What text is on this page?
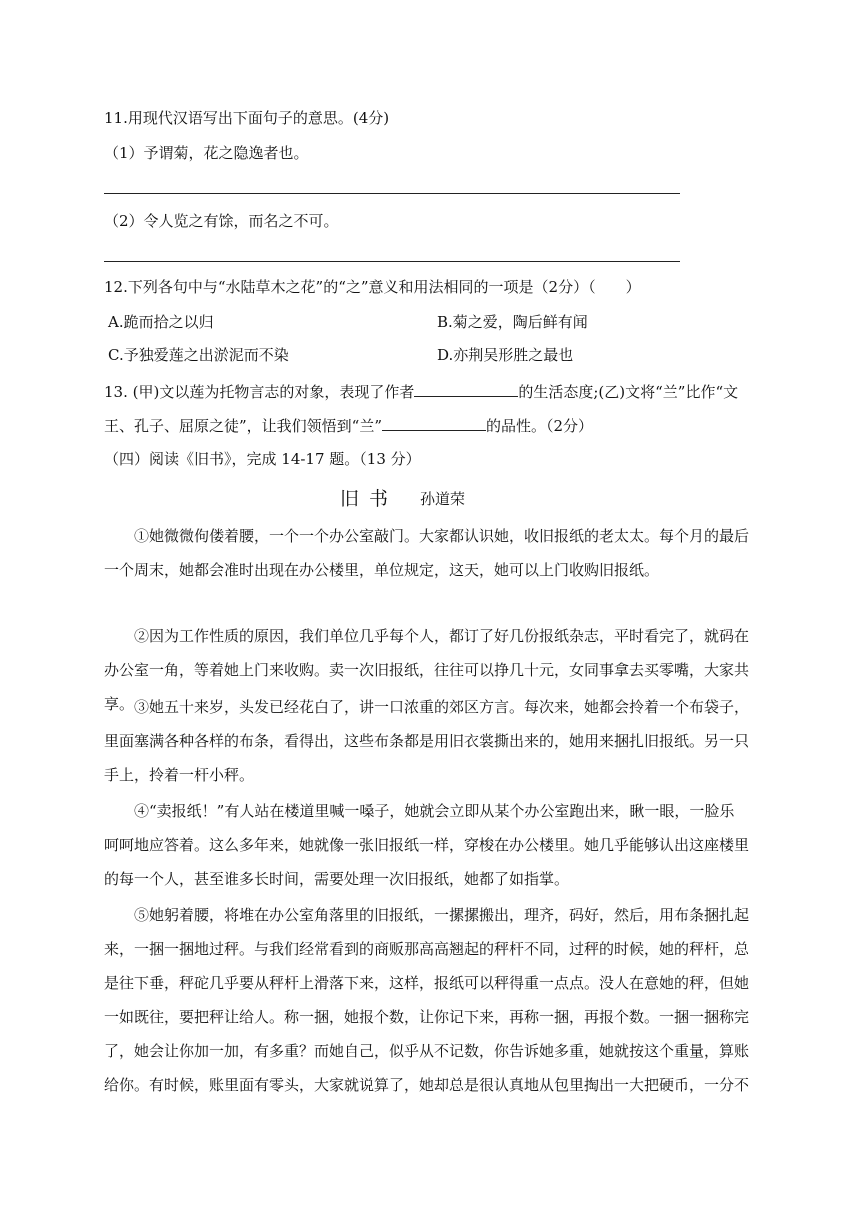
11.用现代汉语写出下面句子的意思。(4分)
（1）予谓菊，花之隐逸者也。
（2）令人览之有馀，而名之不可。
12.下列各句中与“水陆草木之花”的“之”意义和用法相同的一项是（2分）（　　）
A.跪而拾之以归	B.菊之爱，陶后鲜有闻
C.予独爱莲之出淤泥而不染	D.亦荆吴形胜之最也
13. (甲)文以莲为托物言志的对象，表现了作者	的生活态度;(乙)文将“兰”比作“文
王、孔子、屈原之徒”，让我们领悟到“兰”	的品性。（2分）
（四）阅读《旧书》，完成 14-17 题。（13 分）
旧书 孙道荣
①她微微佝偻着腰，一个一个办公室敲门。大家都认识她，收旧报纸的老太太。每个月的最后
一个周末，她都会准时出现在办公楼里，单位规定，这天，她可以上门收购旧报纸。
②因为工作性质的原因，我们单位几乎每个人，都订了好几份报纸杂志，平时看完了，就码在
办公室一角，等着她上门来收购。卖一次旧报纸，往往可以挣几十元，女同事拿去买零嘴，大家共
享。 ③她五十来岁，头发已经花白了，讲一口浓重的郊区方言。每次来，她都会拎着一个布袋子，
里面塞满各种各样的布条，看得出，这些布条都是用旧衣裳撕出来的，她用来捆扎旧报纸。另一只
手上，拎着一杆小秤。
④“卖报纸！”有人站在楼道里喊一嗓子，她就会立即从某个办公室跑出来，瞅一眼，一脸乐
呵呵地应答着。这么多年来，她就像一张旧报纸一样，穿梭在办公楼里。她几乎能够认出这座楼里
的每一个人，甚至谁多长时间，需要处理一次旧报纸，她都了如指掌。
⑤她躬着腰，将堆在办公室角落里的旧报纸，一摞摞搬出，理齐，码好，然后，用布条捆扎起
来，一捆一捆地过秤。与我们经常看到的商贩那高高翘起的秤杆不同，过秤的时候，她的秤杆，总
是往下垂，秤砣几乎要从秤杆上滑落下来，这样，报纸可以秤得重一点点。没人在意她的秤，但她
一如既往，要把秤让给人。称一捆，她报个数，让你记下来，再称一捆，再报个数。一捆一捆称完
了，她会让你加一加，有多重？而她自己，似乎从不记数，你告诉她多重，她就按这个重量，算账
给你。有时候，账里面有零头，大家就说算了，她却总是很认真地从包里掏出一大把硬币，一分不
